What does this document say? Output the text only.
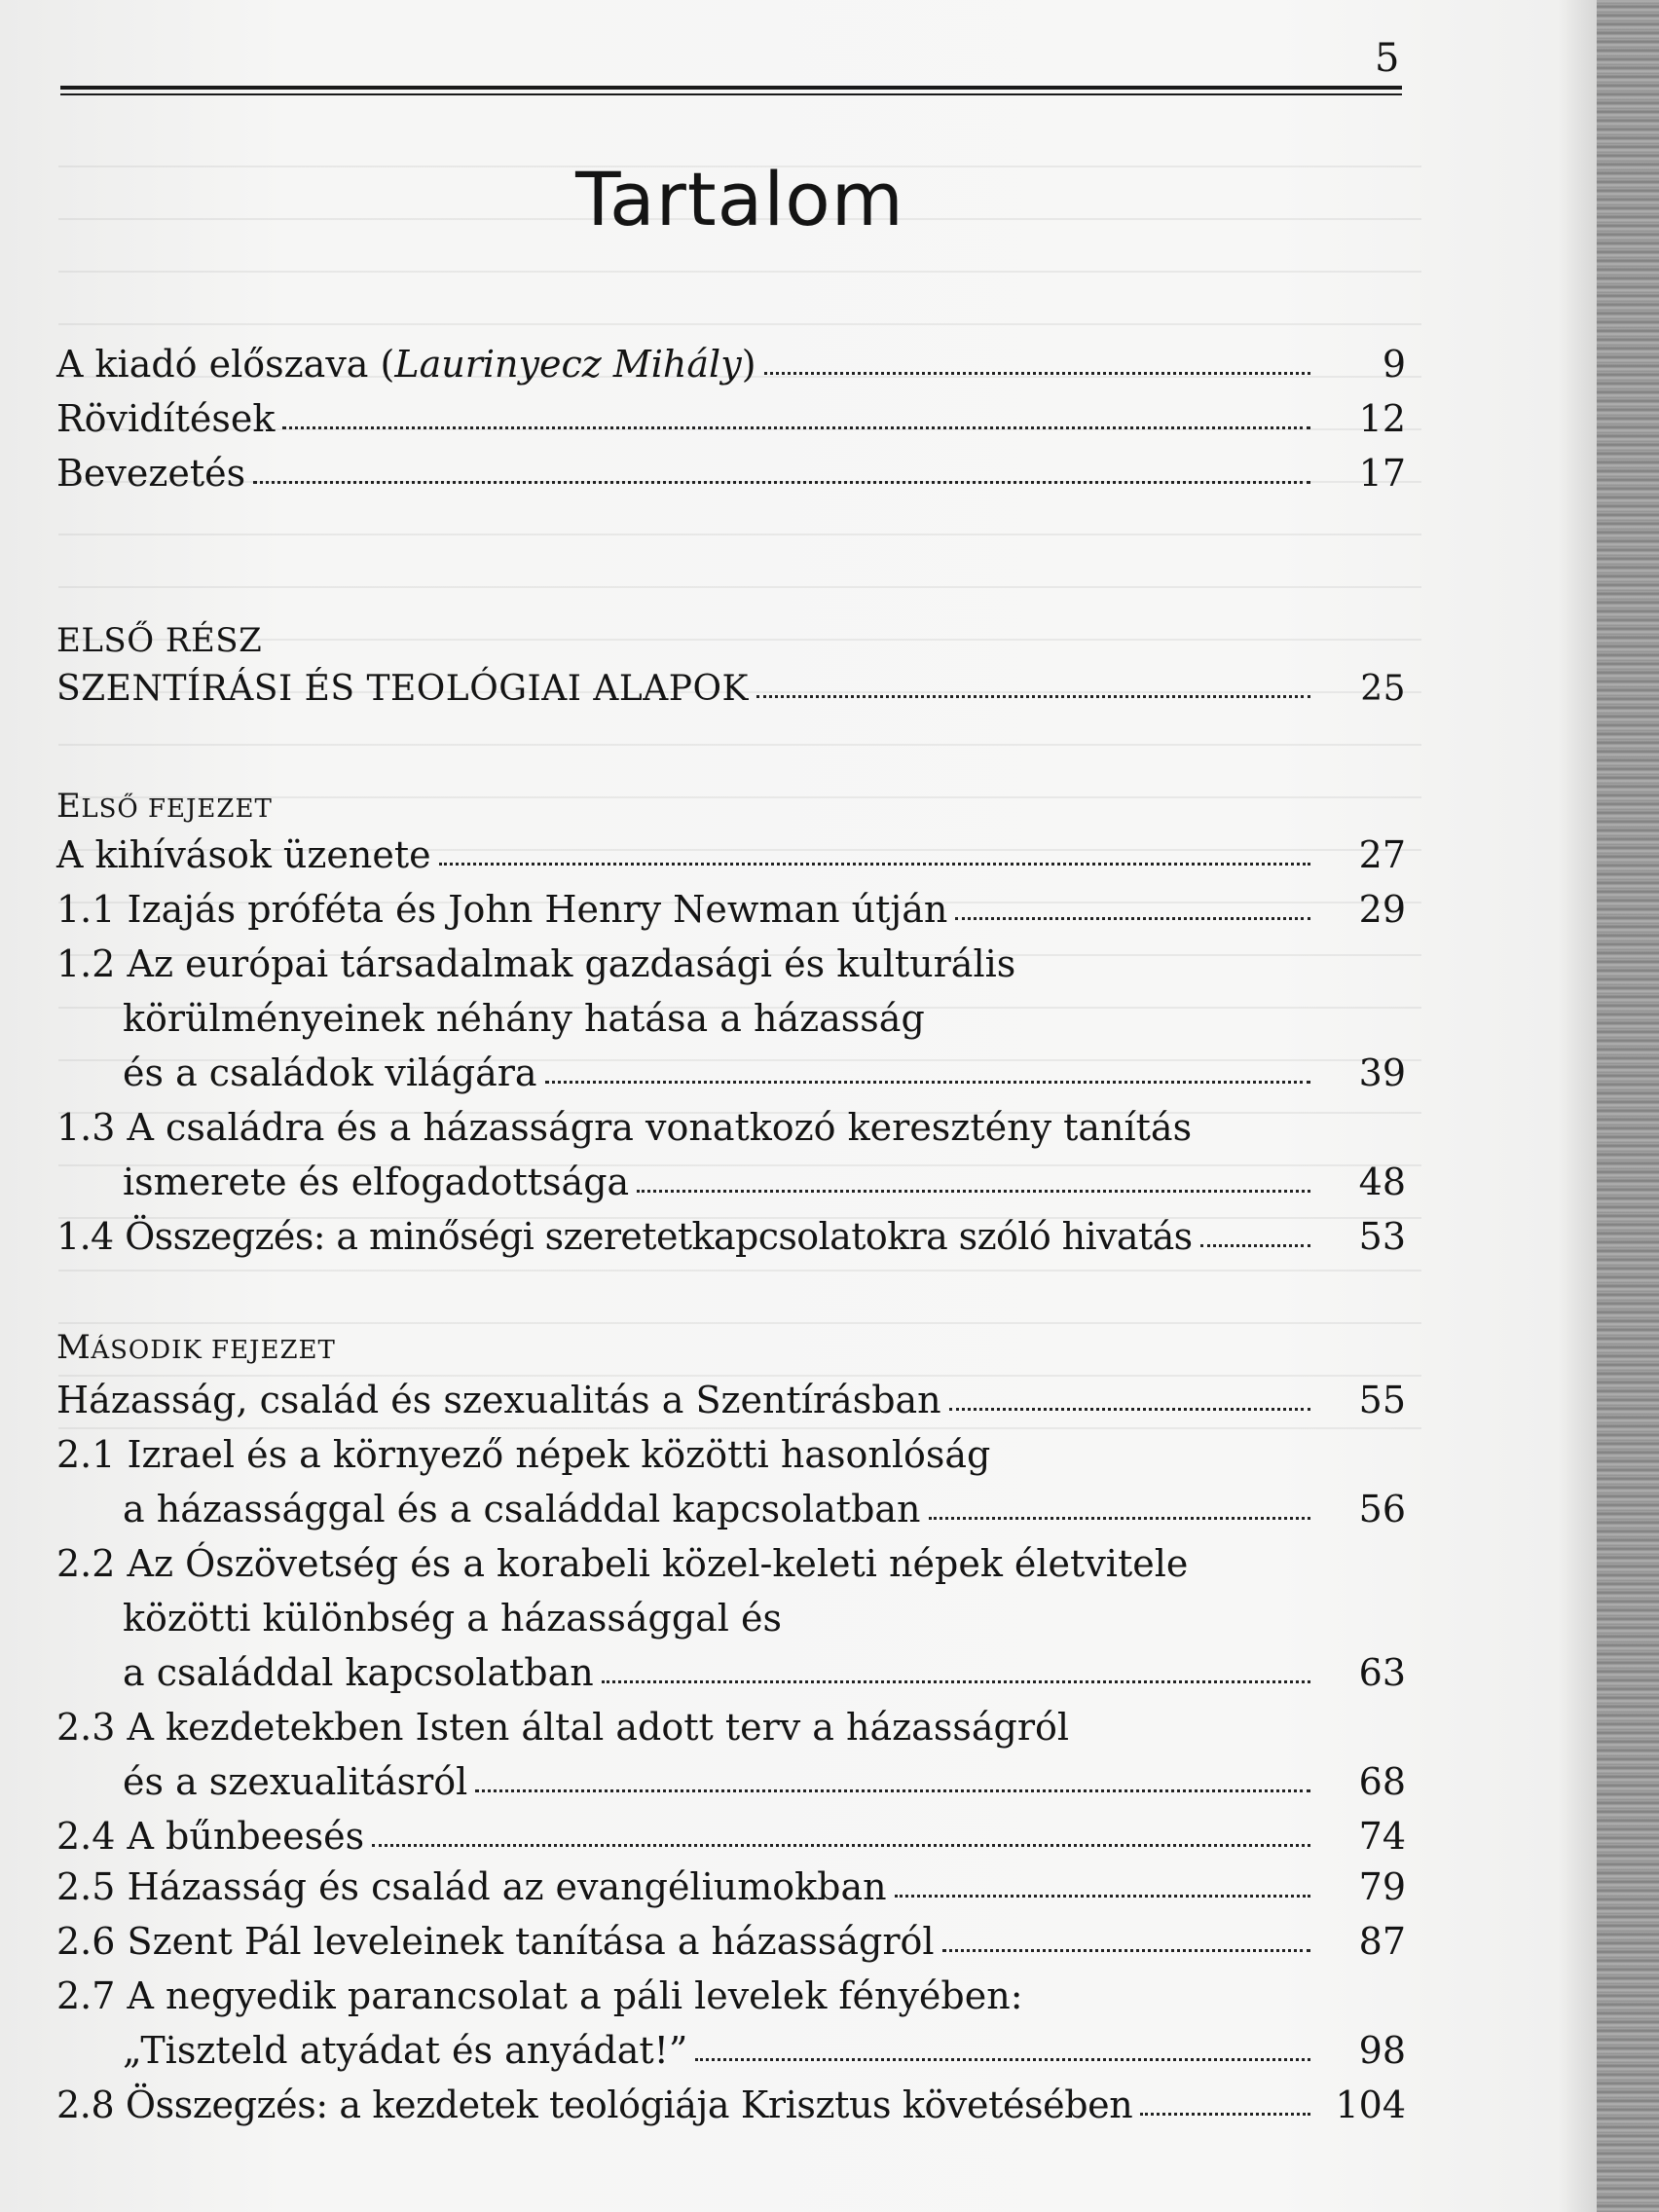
5
Tartalom
A kiadó előszava (Laurinyecz Mihály)	9
Rövidítések	12
Bevezetés	17
ELSŐ RÉSZ
SZENTÍRÁSI ÉS TEOLÓGIAI ALAPOK	25
ELSŐ FEJEZET
A kihívások üzenete	27
1.1 Izajás próféta és John Henry Newman útján	29
1.2 Az európai társadalmak gazdasági és kulturális
körülményeinek néhány hatása a házasság
és a családok világára	39
1.3 A családra és a házasságra vonatkozó keresztény tanítás
ismerete és elfogadottsága	48
1.4 Összegzés: a minőségi szeretetkapcsolatokra szóló hivatás	53
MÁSODIK FEJEZET
Házasság, család és szexualitás a Szentírásban	55
2.1 Izrael és a környező népek közötti hasonlóság
a házassággal és a családdal kapcsolatban	56
2.2 Az Ószövetség és a korabeli közel-keleti népek életvitele
közötti különbség a házassággal és
a családdal kapcsolatban	63
2.3 A kezdetekben Isten által adott terv a házasságról
és a szexualitásról	68
2.4 A bűnbeesés	74
2.5 Házasság és család az evangéliumokban	79
2.6 Szent Pál leveleinek tanítása a házasságról	87
2.7 A negyedik parancsolat a páli levelek fényében:
„Tiszteld atyádat és anyádat!”	98
2.8 Összegzés: a kezdetek teológiája Krisztus követésében	104
